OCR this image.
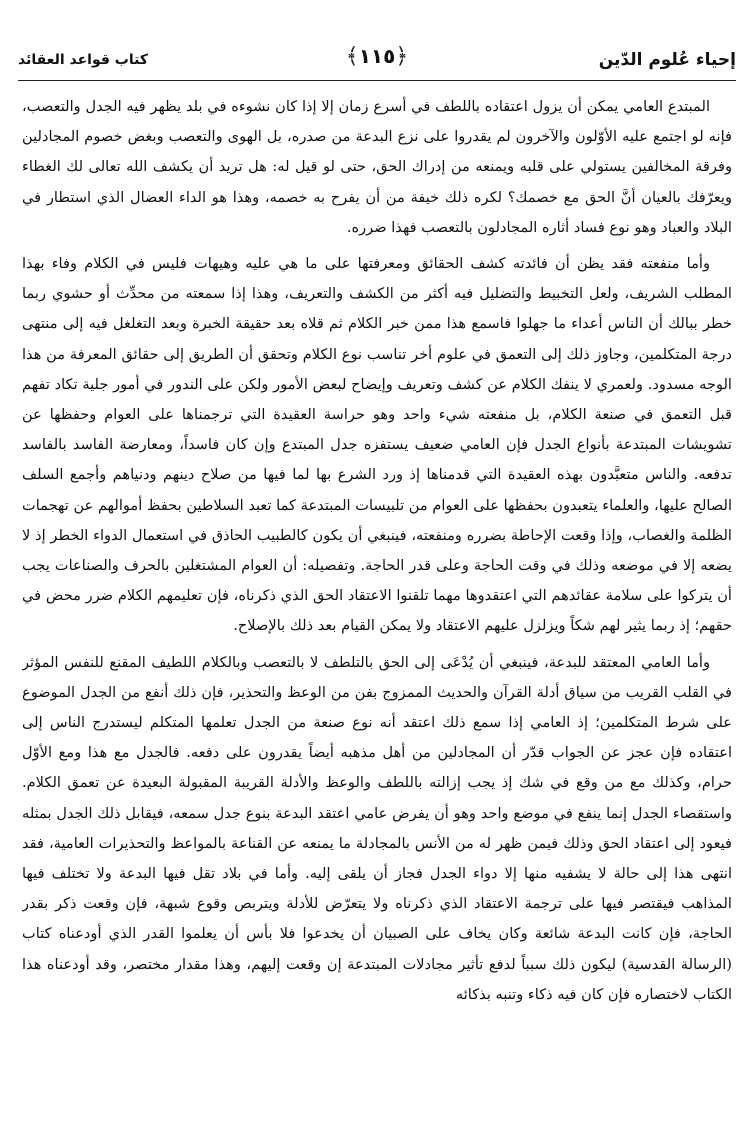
إحياء عُلوم الدّين
﴿١١٥﴾
كتاب قواعد العقائد

المبتدع العامي يمكن أن يزول اعتقاده باللطف في أسرع زمان إلا إذا كان نشوءه في بلد يظهر فيه الجدل والتعصب، فإنه لو اجتمع عليه الأوّلون والآخرون لم يقدروا على نزع البدعة من صدره، بل الهوى والتعصب وبغض خصوم المجادلين وفرقة المخالفين يستولي على قلبه ويمنعه من إدراك الحق، حتى لو قيل له: هل تريد أن يكشف الله تعالى لك الغطاء ويعرّفك بالعيان أنَّ الحق مع خصمك؟ لكره ذلك خيفة من أن يفرح به خصمه، وهذا هو الداء العضال الذي استطار في البلاد والعباد وهو نوع فساد أثاره المجادلون بالتعصب فهذا ضرره.

وأما منفعته فقد يظن أن فائدته كشف الحقائق ومعرفتها على ما هي عليه وهيهات فليس في الكلام وفاء بهذا المطلب الشريف، ولعل التخبيط والتضليل فيه أكثر من الكشف والتعريف، وهذا إذا سمعته من محدِّث أو حشوي ربما خطر ببالك أن الناس أعداء ما جهلوا فاسمع هذا ممن خبر الكلام ثم قلاه بعد حقيقة الخبرة وبعد التغلغل فيه إلى منتهى درجة المتكلمين، وجاوز ذلك إلى التعمق في علوم أخر تناسب نوع الكلام وتحقق أن الطريق إلى حقائق المعرفة من هذا الوجه مسدود. ولعمري لا ينفك الكلام عن كشف وتعريف وإيضاح لبعض الأمور ولكن على الندور في أمور جلية تكاد تفهم قبل التعمق في صنعة الكلام، بل منفعته شيء واحد وهو حراسة العقيدة التي ترجمناها على العوام وحفظها عن تشويشات المبتدعة بأنواع الجدل فإن العامي ضعيف يستفزه جدل المبتدع وإن كان فاسداً، ومعارضة الفاسد بالفاسد تدفعه. والناس متعبَّدون بهذه العقيدة التي قدمناها إذ ورد الشرع بها لما فيها من صلاح دينهم ودنياهم وأجمع السلف الصالح عليها، والعلماء يتعبدون بحفظها على العوام من تلبيسات المبتدعة كما تعبد السلاطين بحفظ أموالهم عن تهجمات الظلمة والغصاب، وإذا وقعت الإحاطة بضرره ومنفعته، فينبغي أن يكون كالطبيب الحاذق في استعمال الدواء الخطر إذ لا يضعه إلا في موضعه وذلك في وقت الحاجة وعلى قدر الحاجة. وتفصيله: أن العوام المشتغلين بالحرف والصناعات يجب أن يتركوا على سلامة عقائدهم التي اعتقدوها مهما تلقنوا الاعتقاد الحق الذي ذكرناه، فإن تعليمهم الكلام ضرر محض في حقهم؛ إذ ربما يثير لهم شكاً ويزلزل عليهم الاعتقاد ولا يمكن القيام بعد ذلك بالإصلاح.

وأما العامي المعتقد للبدعة، فينبغي أن يُدْعَى إلى الحق بالتلطف لا بالتعصب وبالكلام اللطيف المقنع للنفس المؤثر في القلب القريب من سياق أدلة القرآن والحديث الممزوج بفن من الوعظ والتحذير، فإن ذلك أنفع من الجدل الموضوع على شرط المتكلمين؛ إذ العامي إذا سمع ذلك اعتقد أنه نوع صنعة من الجدل تعلمها المتكلم ليستدرج الناس إلى اعتقاده فإن عجز عن الجواب قدّر أن المجادلين من أهل مذهبه أيضاً يقدرون على دفعه. فالجدل مع هذا ومع الأوّل حرام، وكذلك مع من وقع في شك إذ يجب إزالته باللطف والوعظ والأدلة القريبة المقبولة البعيدة عن تعمق الكلام. واستقصاء الجدل إنما ينفع في موضع واحد وهو أن يفرض عامي اعتقد البدعة بنوع جدل سمعه، فيقابل ذلك الجدل بمثله فيعود إلى اعتقاد الحق وذلك فيمن ظهر له من الأنس بالمجادلة ما يمنعه عن القناعة بالمواعظ والتحذيرات العامية، فقد انتهى هذا إلى حالة لا يشفيه منها إلا دواء الجدل فجاز أن يلقى إليه. وأما في بلاد تقل فيها البدعة ولا تختلف فيها المذاهب فيقتصر فيها على ترجمة الاعتقاد الذي ذكرناه ولا يتعرّض للأدلة ويتربص وقوع شبهة، فإن وقعت ذكر بقدر الحاجة، فإن كانت البدعة شائعة وكان يخاف على الصبيان أن يخدعوا فلا بأس أن يعلموا القدر الذي أودعناه كتاب (الرسالة القدسية) ليكون ذلك سبباً لدفع تأثير مجادلات المبتدعة إن وقعت إليهم، وهذا مقدار مختصر، وقد أودعناه هذا الكتاب لاختصاره فإن كان فيه ذكاء وتنبه بذكائه
